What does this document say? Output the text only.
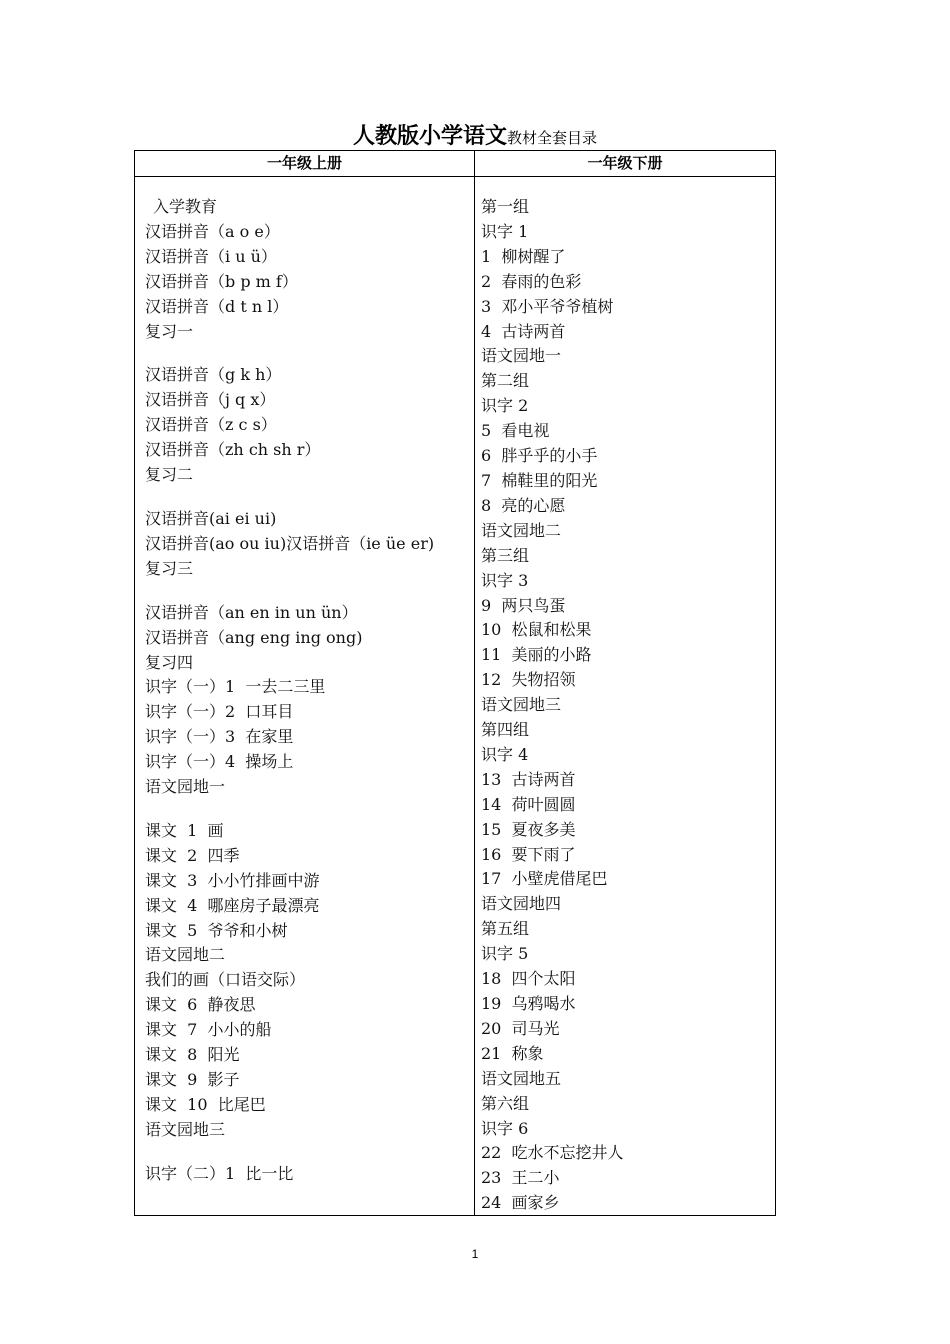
人教版小学语文教材全套目录
一年级上册	一年级下册
入学教育
汉语拼音（a o e）
汉语拼音（i u ü）
汉语拼音（b p m f）
汉语拼音（d t n l）
复习一
汉语拼音（g k h）
汉语拼音（j q x）
汉语拼音（z c s）
汉语拼音（zh ch sh r）
复习二
汉语拼音(ai ei ui)
汉语拼音(ao ou iu)汉语拼音（ie üe er)
复习三
汉语拼音（an en in un ün）
汉语拼音（ang eng ing ong)
复习四
识字（一）1  一去二三里
识字（一）2  口耳目
识字（一）3  在家里
识字（一）4  操场上
语文园地一
课文  1  画
课文  2  四季
课文  3  小小竹排画中游
课文  4  哪座房子最漂亮
课文  5  爷爷和小树
语文园地二
我们的画（口语交际）
课文  6  静夜思
课文  7  小小的船
课文  8  阳光
课文  9  影子
课文  10  比尾巴
语文园地三
识字（二）1  比一比
第一组
识字 1
1  柳树醒了
2  春雨的色彩
3  邓小平爷爷植树
4  古诗两首
语文园地一
第二组
识字 2
5  看电视
6  胖乎乎的小手
7  棉鞋里的阳光
8  亮的心愿
语文园地二
第三组
识字 3
9  两只鸟蛋
10  松鼠和松果
11  美丽的小路
12  失物招领
语文园地三
第四组
识字 4
13  古诗两首
14  荷叶圆圆
15  夏夜多美
16  要下雨了
17  小壁虎借尾巴
语文园地四
第五组
识字 5
18  四个太阳
19  乌鸦喝水
20  司马光
21  称象
语文园地五
第六组
识字 6
22  吃水不忘挖井人
23  王二小
24  画家乡
1
